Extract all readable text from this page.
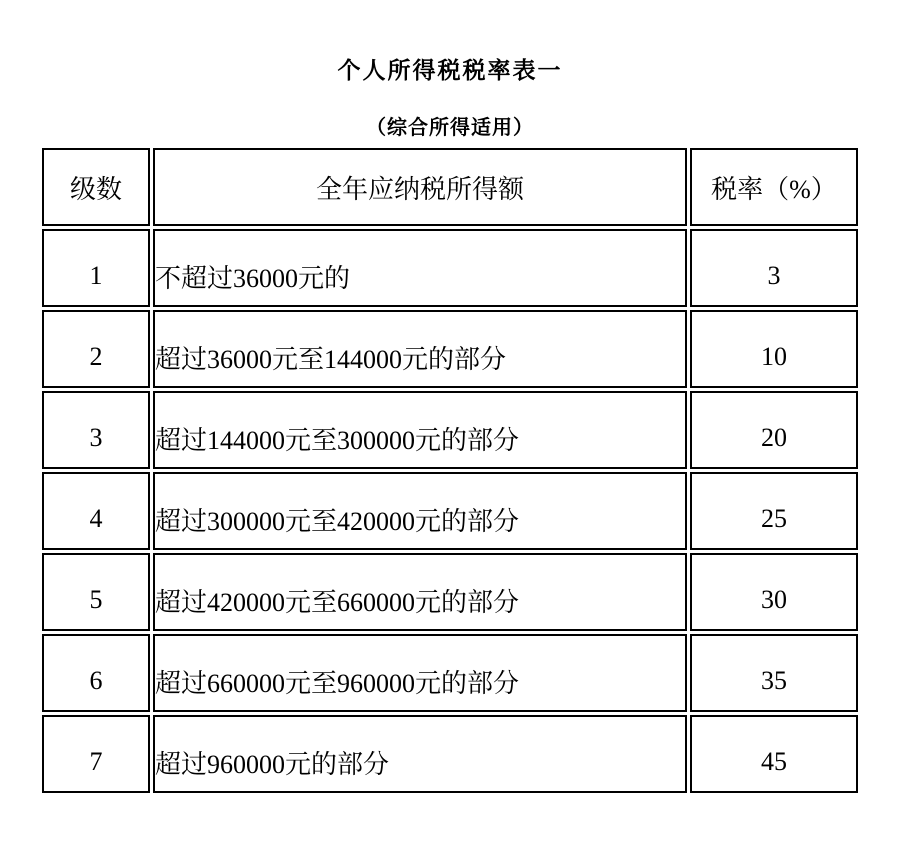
个人所得税税率表一
（综合所得适用）
级数	全年应纳税所得额	税率（%）
1	不超过36000元的	3
2	超过36000元至144000元的部分	10
3	超过144000元至300000元的部分	20
4	超过300000元至420000元的部分	25
5	超过420000元至660000元的部分	30
6	超过660000元至960000元的部分	35
7	超过960000元的部分	45
